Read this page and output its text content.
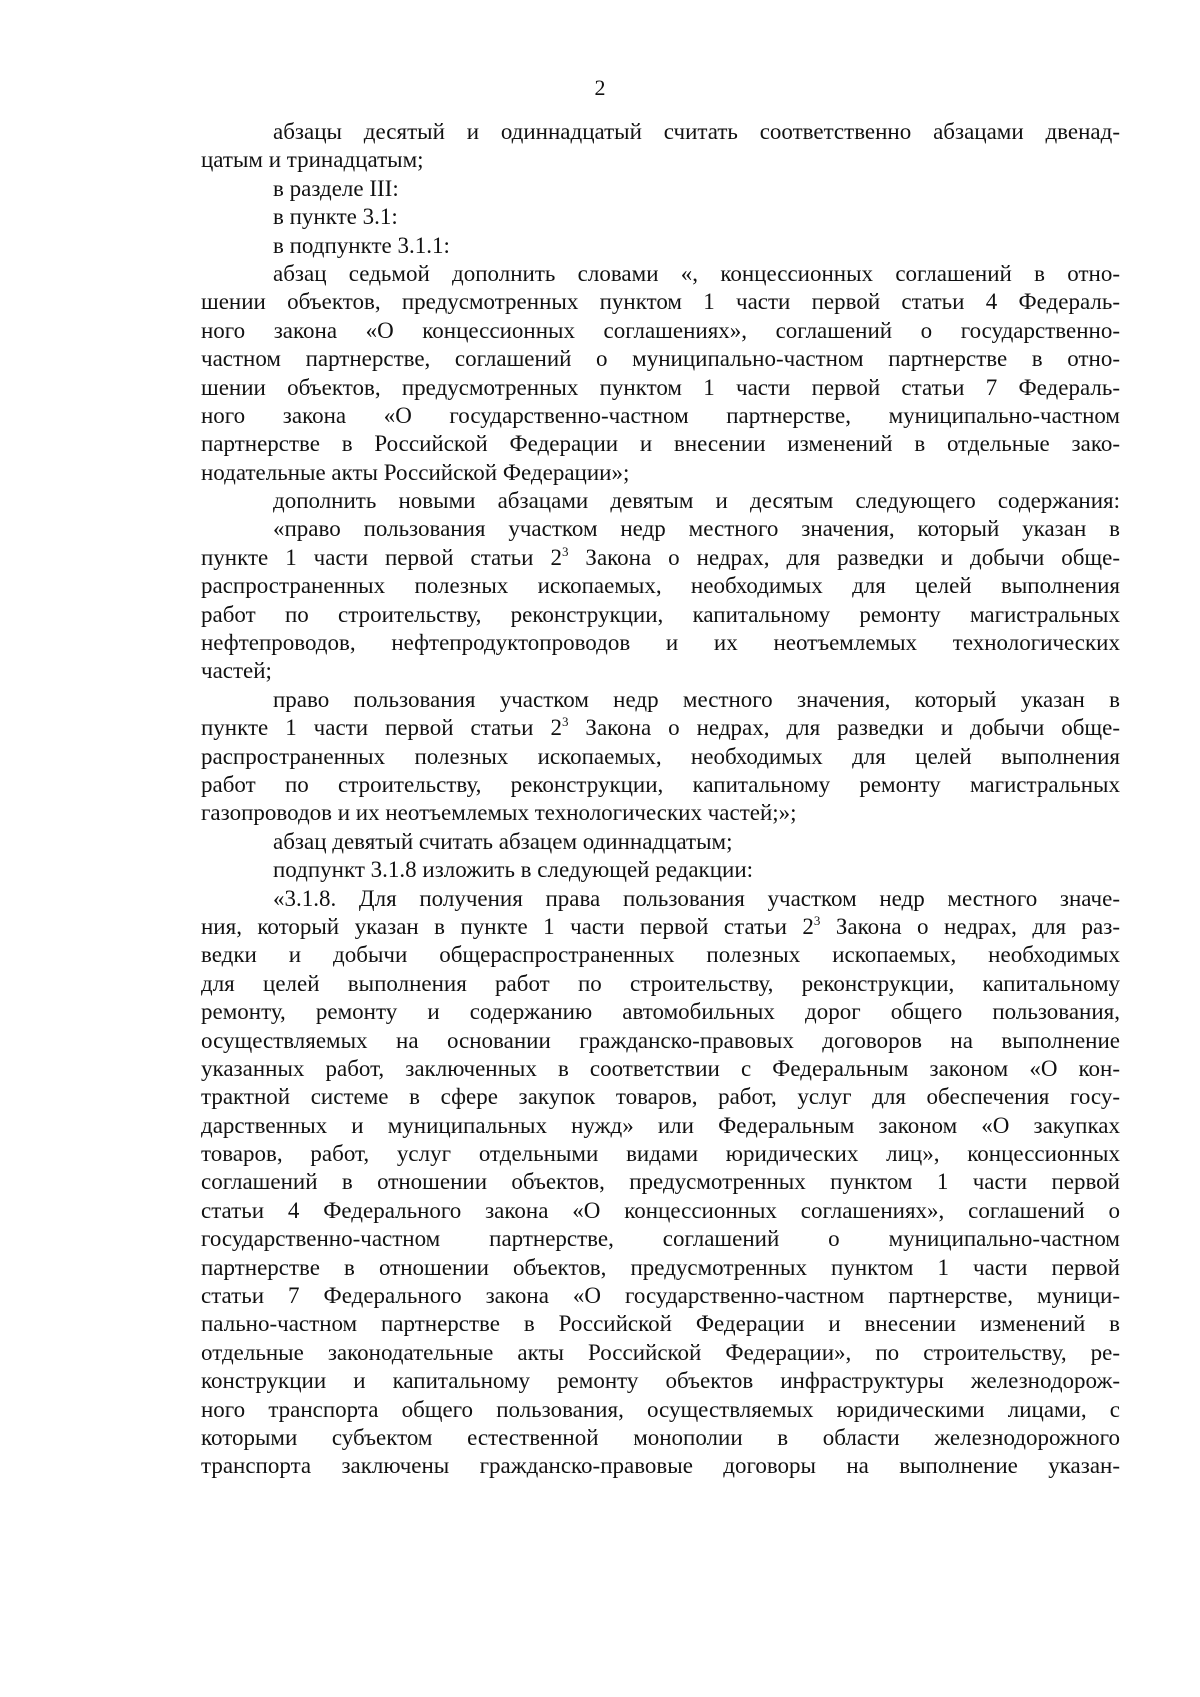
2
абзацы десятый и одиннадцатый считать соответственно абзацами двенад-
цатым и тринадцатым;
в разделе III:
в пункте 3.1:
в подпункте 3.1.1:
абзац седьмой дополнить словами «, концессионных соглашений в отно-
шении объектов, предусмотренных пунктом 1 части первой статьи 4 Федераль-
ного закона «О концессионных соглашениях», соглашений о государственно-
частном партнерстве, соглашений о муниципально-частном партнерстве в отно-
шении объектов, предусмотренных пунктом 1 части первой статьи 7 Федераль-
ного закона «О государственно-частном партнерстве, муниципально-частном
партнерстве в Российской Федерации и внесении изменений в отдельные зако-
нодательные акты Российской Федерации»;
дополнить новыми абзацами девятым и десятым следующего содержания:
«право пользования участком недр местного значения, который указан в
пункте 1 части первой статьи $2^3$ Закона о недрах, для разведки и добычи обще-
распространенных полезных ископаемых, необходимых для целей выполнения
работ по строительству, реконструкции, капитальному ремонту магистральных
нефтепроводов, нефтепродуктопроводов и их неотъемлемых технологических
частей;
право пользования участком недр местного значения, который указан в
пункте 1 части первой статьи $2^3$ Закона о недрах, для разведки и добычи обще-
распространенных полезных ископаемых, необходимых для целей выполнения
работ по строительству, реконструкции, капитальному ремонту магистральных
газопроводов и их неотъемлемых технологических частей;»;
абзац девятый считать абзацем одиннадцатым;
подпункт 3.1.8 изложить в следующей редакции:
«3.1.8. Для получения права пользования участком недр местного значе-
ния, который указан в пункте 1 части первой статьи $2^3$ Закона о недрах, для раз-
ведки и добычи общераспространенных полезных ископаемых, необходимых
для целей выполнения работ по строительству, реконструкции, капитальному
ремонту, ремонту и содержанию автомобильных дорог общего пользования,
осуществляемых на основании гражданско-правовых договоров на выполнение
указанных работ, заключенных в соответствии с Федеральным законом «О кон-
трактной системе в сфере закупок товаров, работ, услуг для обеспечения госу-
дарственных и муниципальных нужд» или Федеральным законом «О закупках
товаров, работ, услуг отдельными видами юридических лиц», концессионных
соглашений в отношении объектов, предусмотренных пунктом 1 части первой
статьи 4 Федерального закона «О концессионных соглашениях», соглашений о
государственно-частном партнерстве, соглашений о муниципально-частном
партнерстве в отношении объектов, предусмотренных пунктом 1 части первой
статьи 7 Федерального закона «О государственно-частном партнерстве, муници-
пально-частном партнерстве в Российской Федерации и внесении изменений в
отдельные законодательные акты Российской Федерации», по строительству, ре-
конструкции и капитальному ремонту объектов инфраструктуры железнодорож-
ного транспорта общего пользования, осуществляемых юридическими лицами, с
которыми субъектом естественной монополии в области железнодорожного
транспорта заключены гражданско-правовые договоры на выполнение указан-
